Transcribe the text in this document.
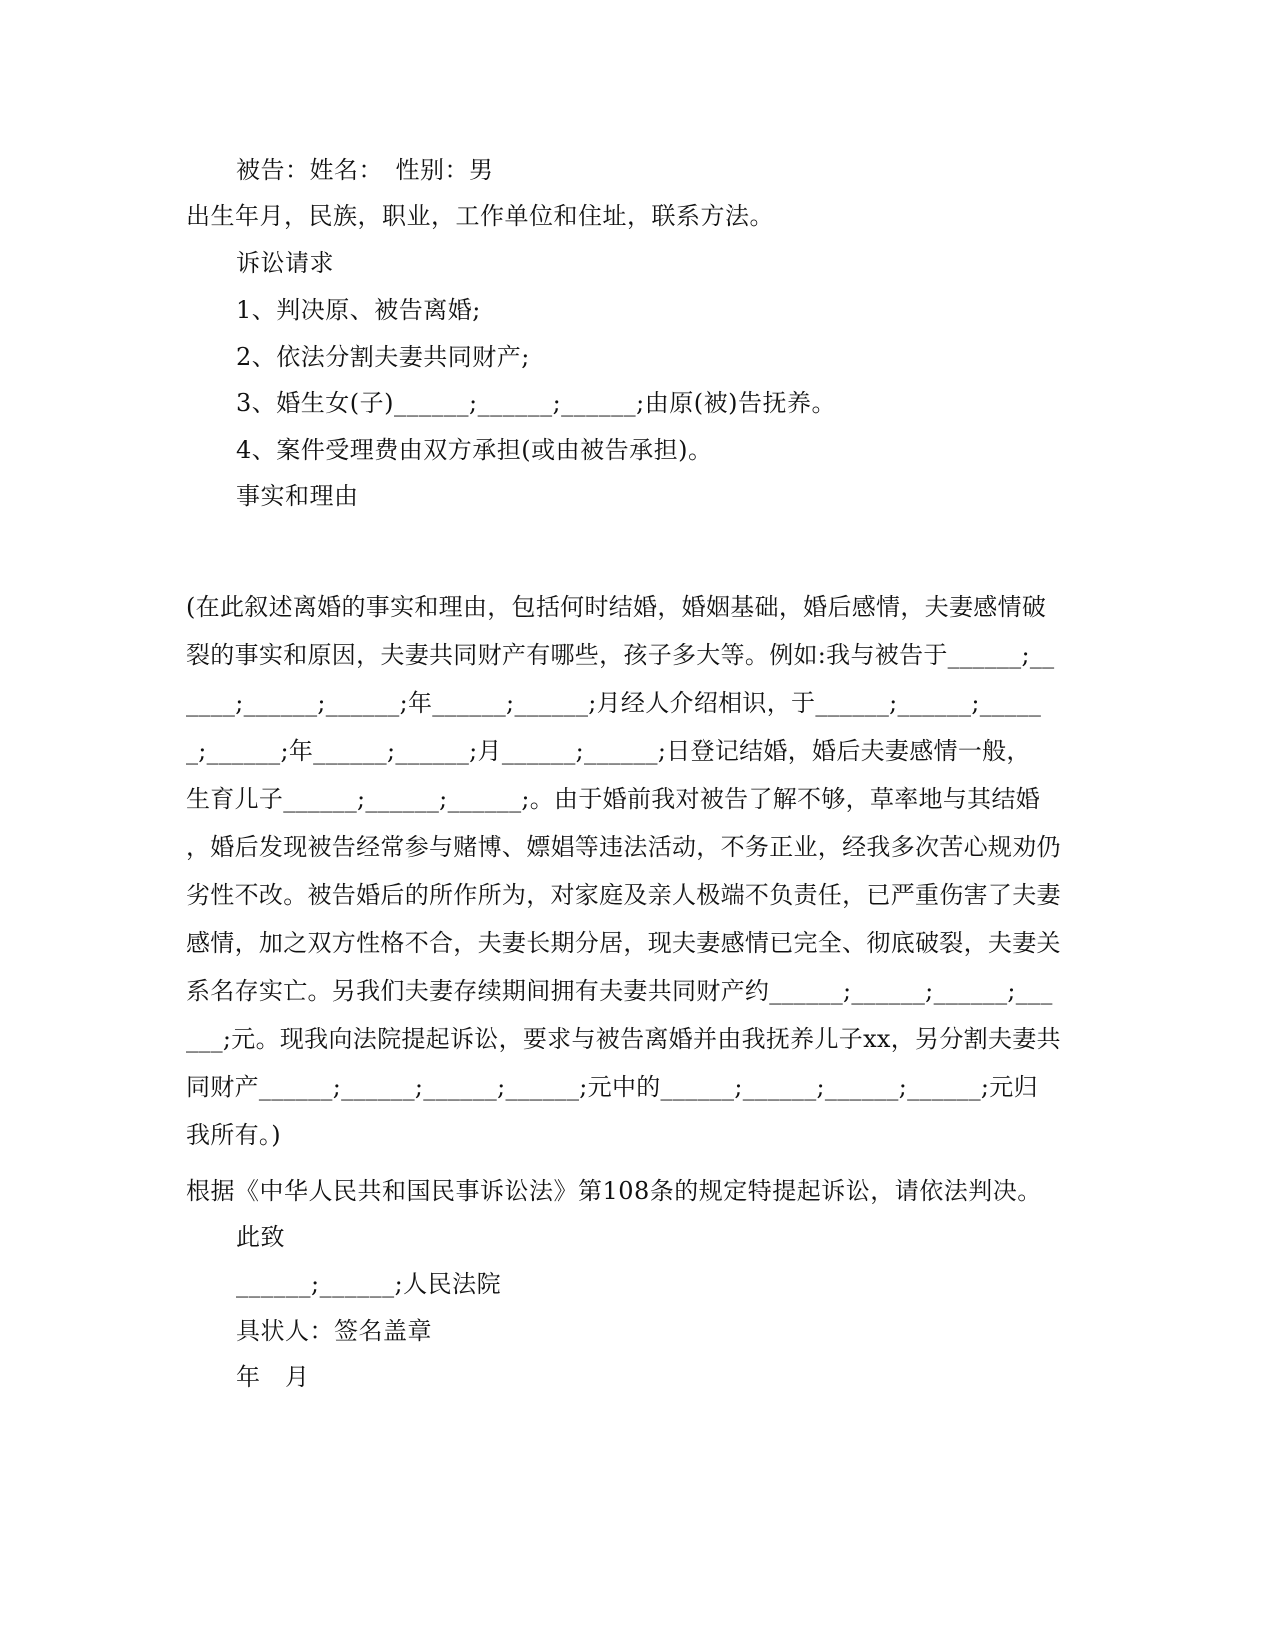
被告：姓名：　性别：男
出生年月，民族，职业，工作单位和住址，联系方法。
诉讼请求
1、判决原、被告离婚;
2、依法分割夫妻共同财产;
3、婚生女(子)______;______;______;由原(被)告抚养。
4、案件受理费由双方承担(或由被告承担)。
事实和理由
(在此叙述离婚的事实和理由，包括何时结婚，婚姻基础，婚后感情，夫妻感情破
裂的事实和原因，夫妻共同财产有哪些，孩子多大等。例如:我与被告于______;__
____;______;______;年______;______;月经人介绍相识，于______;______;_____
_;______;年______;______;月______;______;日登记结婚，婚后夫妻感情一般，
生育儿子______;______;______;。由于婚前我对被告了解不够，草率地与其结婚
，婚后发现被告经常参与赌博、嫖娼等违法活动，不务正业，经我多次苦心规劝仍
劣性不改。被告婚后的所作所为，对家庭及亲人极端不负责任，已严重伤害了夫妻
感情，加之双方性格不合，夫妻长期分居，现夫妻感情已完全、彻底破裂，夫妻关
系名存实亡。另我们夫妻存续期间拥有夫妻共同财产约______;______;______;___
___;元。现我向法院提起诉讼，要求与被告离婚并由我抚养儿子xx，另分割夫妻共
同财产______;______;______;______;元中的______;______;______;______;元归
我所有。)
根据《中华人民共和国民事诉讼法》第108条的规定特提起诉讼，请依法判决。
此致
______;______;人民法院
具状人：签名盖章
年　月
